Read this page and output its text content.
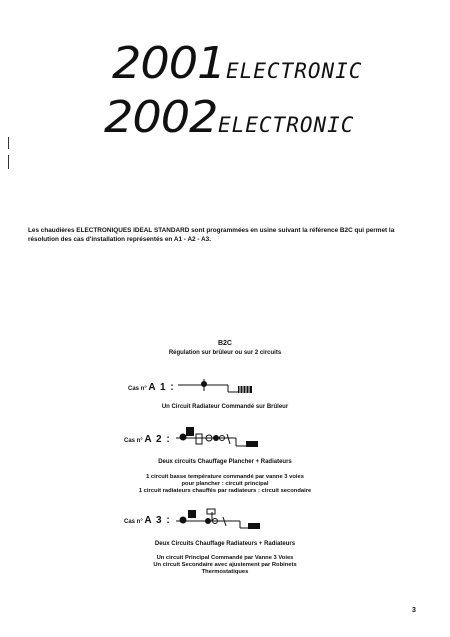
2001 ELECTRONIC
2002 ELECTRONIC
Les chaudières ELECTRONIQUES IDEAL STANDARD sont programmées en usine suivant la référence B2C qui permet la résolution des cas d'installation représentés en A1 - A2 - A3.
B2C
Régulation sur brûleur ou sur 2 circuits
Cas n° A 1 :
Un Circuit Radiateur Commandé sur Brûleur
Cas n° A 2 :
Deux circuits Chauffage Plancher + Radiateurs
1 circuit basse température commandé par vanne 3 voies
pour plancher : circuit principal
1 circuit radiateurs chauffés par radiateurs : circuit secondaire
Cas n° A 3 :
Deux Circuits Chauffage Radiateurs + Radiateurs
Un circuit Principal Commandé par Vanne 3 Voies
Un circuit Secondaire avec ajustement par Robinets
Thermostatiques
3
